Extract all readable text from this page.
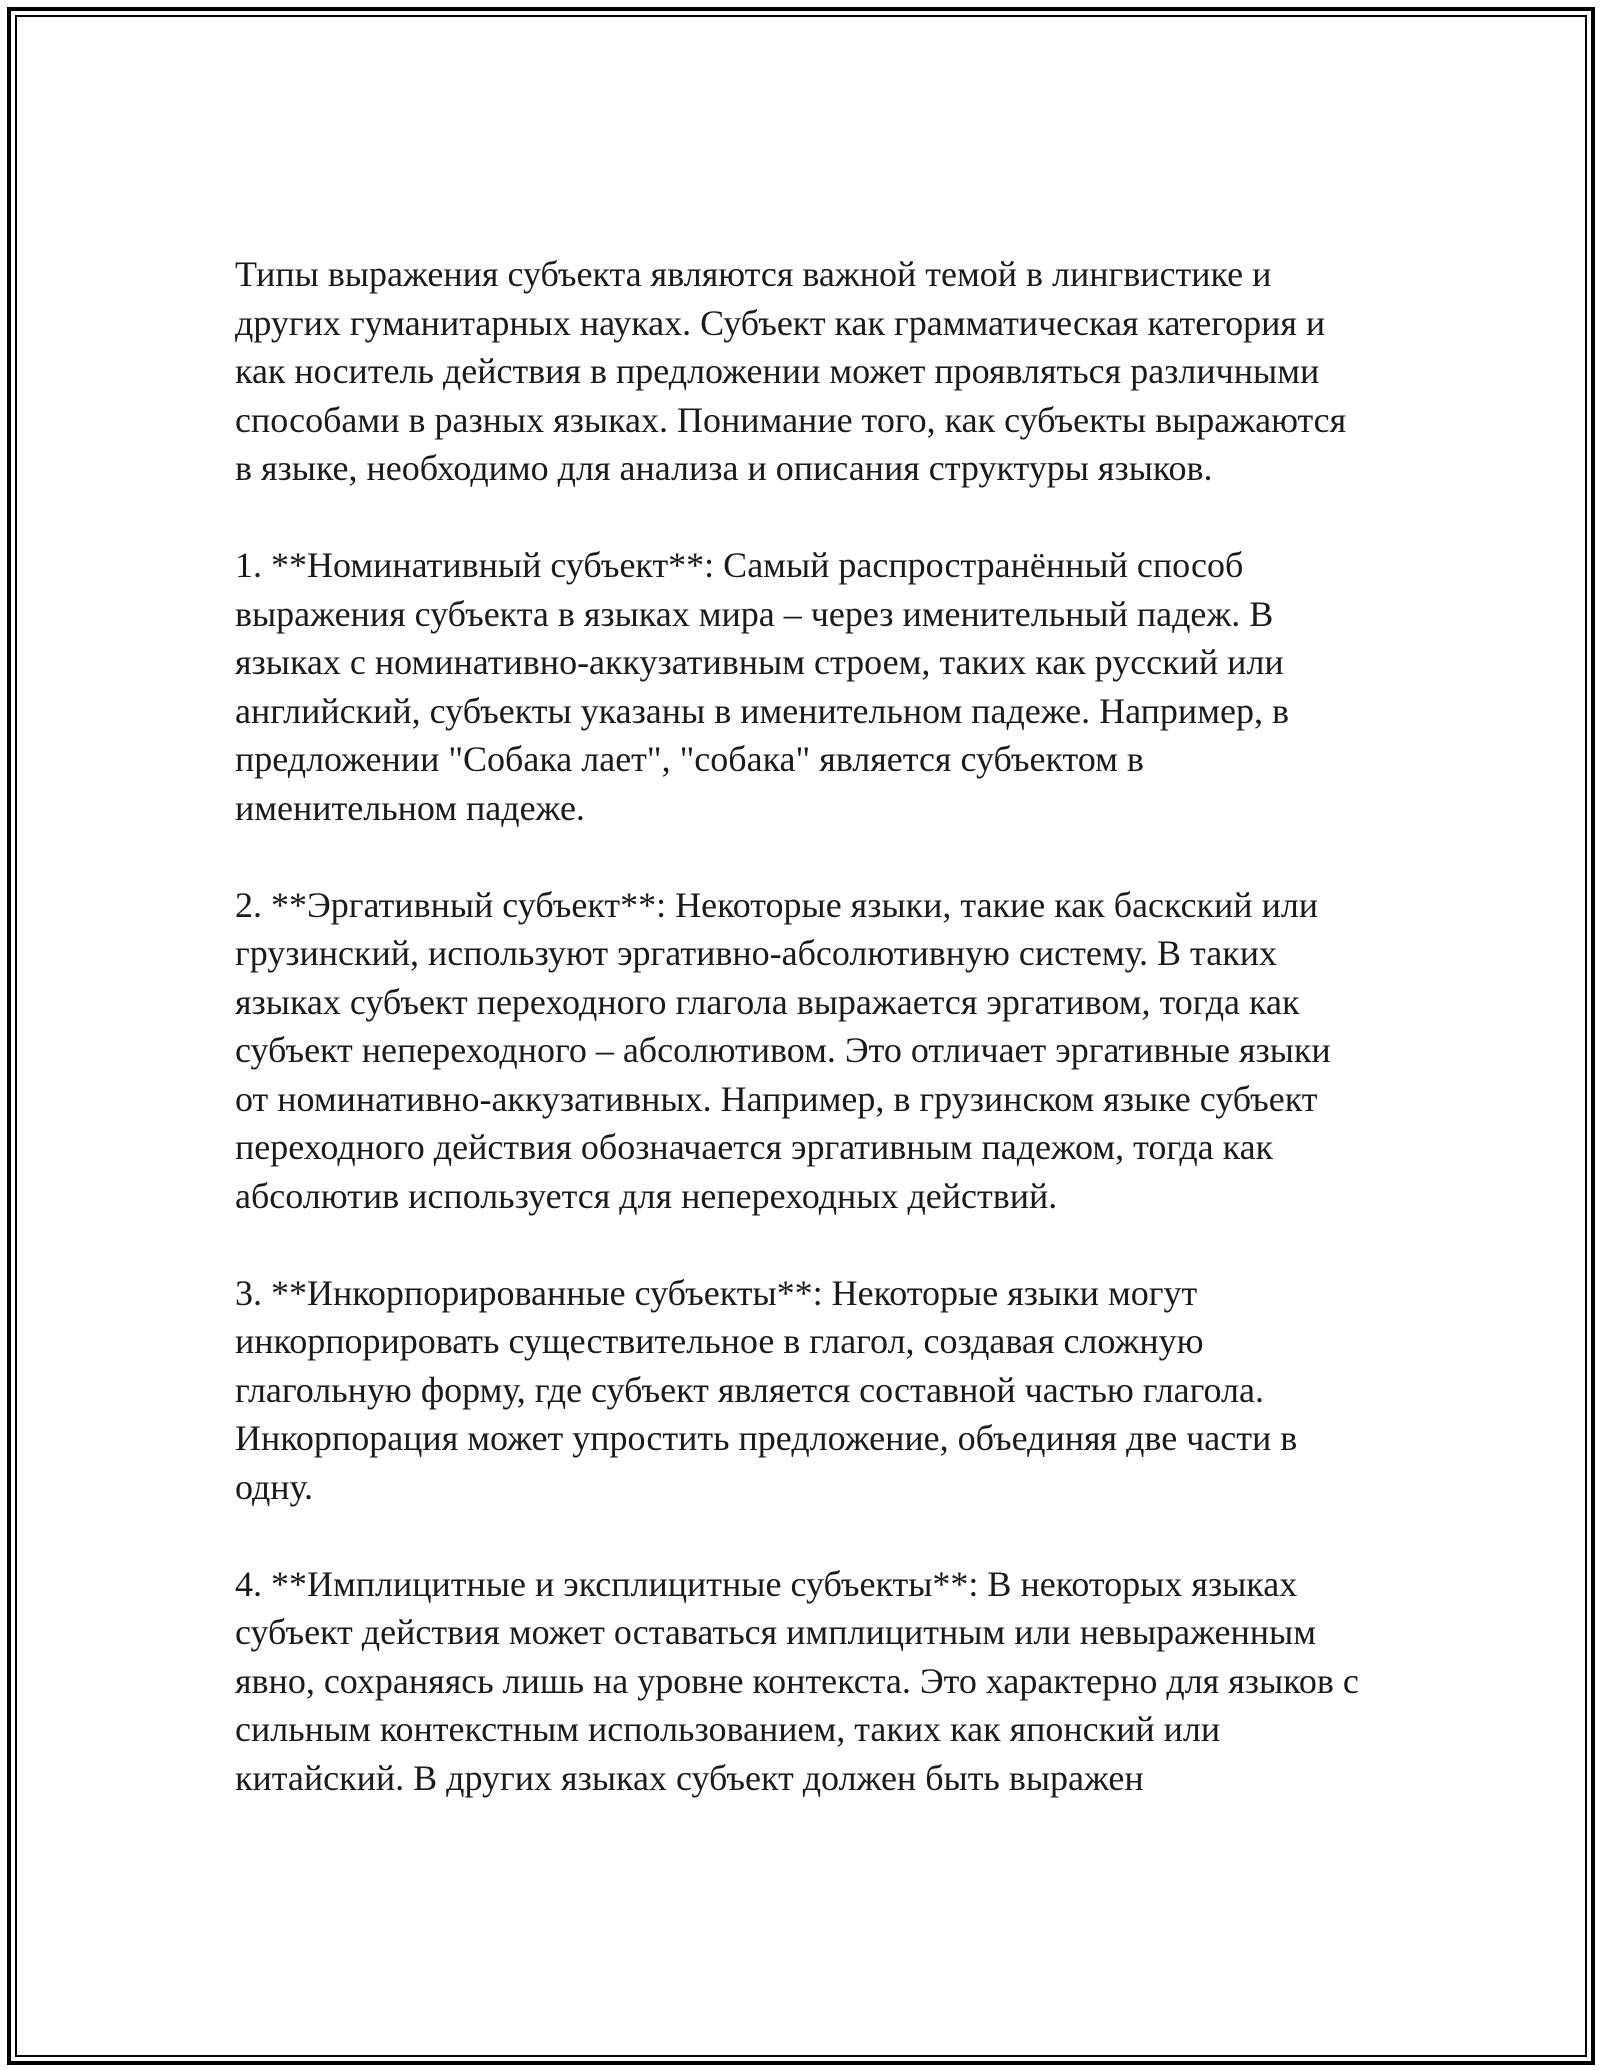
Типы выражения субъекта являются важной темой в лингвистике и других гуманитарных науках. Субъект как грамматическая категория и как носитель действия в предложении может проявляться различными способами в разных языках. Понимание того, как субъекты выражаются в языке, необходимо для анализа и описания структуры языков.

1. **Номинативный субъект**: Самый распространённый способ выражения субъекта в языках мира – через именительный падеж. В языках с номинативно-аккузативным строем, таких как русский или английский, субъекты указаны в именительном падеже. Например, в предложении "Собака лает", "собака" является субъектом в именительном падеже.

2. **Эргативный субъект**: Некоторые языки, такие как баскский или грузинский, используют эргативно-абсолютивную систему. В таких языках субъект переходного глагола выражается эргативом, тогда как субъект непереходного – абсолютивом. Это отличает эргативные языки от номинативно-аккузативных. Например, в грузинском языке субъект переходного действия обозначается эргативным падежом, тогда как абсолютив используется для непереходных действий.

3. **Инкорпорированные субъекты**: Некоторые языки могут инкорпорировать существительное в глагол, создавая сложную глагольную форму, где субъект является составной частью глагола. Инкорпорация может упростить предложение, объединяя две части в одну.

4. **Имплицитные и эксплицитные субъекты**: В некоторых языках субъект действия может оставаться имплицитным или невыраженным явно, сохраняясь лишь на уровне контекста. Это характерно для языков с сильным контекстным использованием, таких как японский или китайский. В других языках субъект должен быть выражен
